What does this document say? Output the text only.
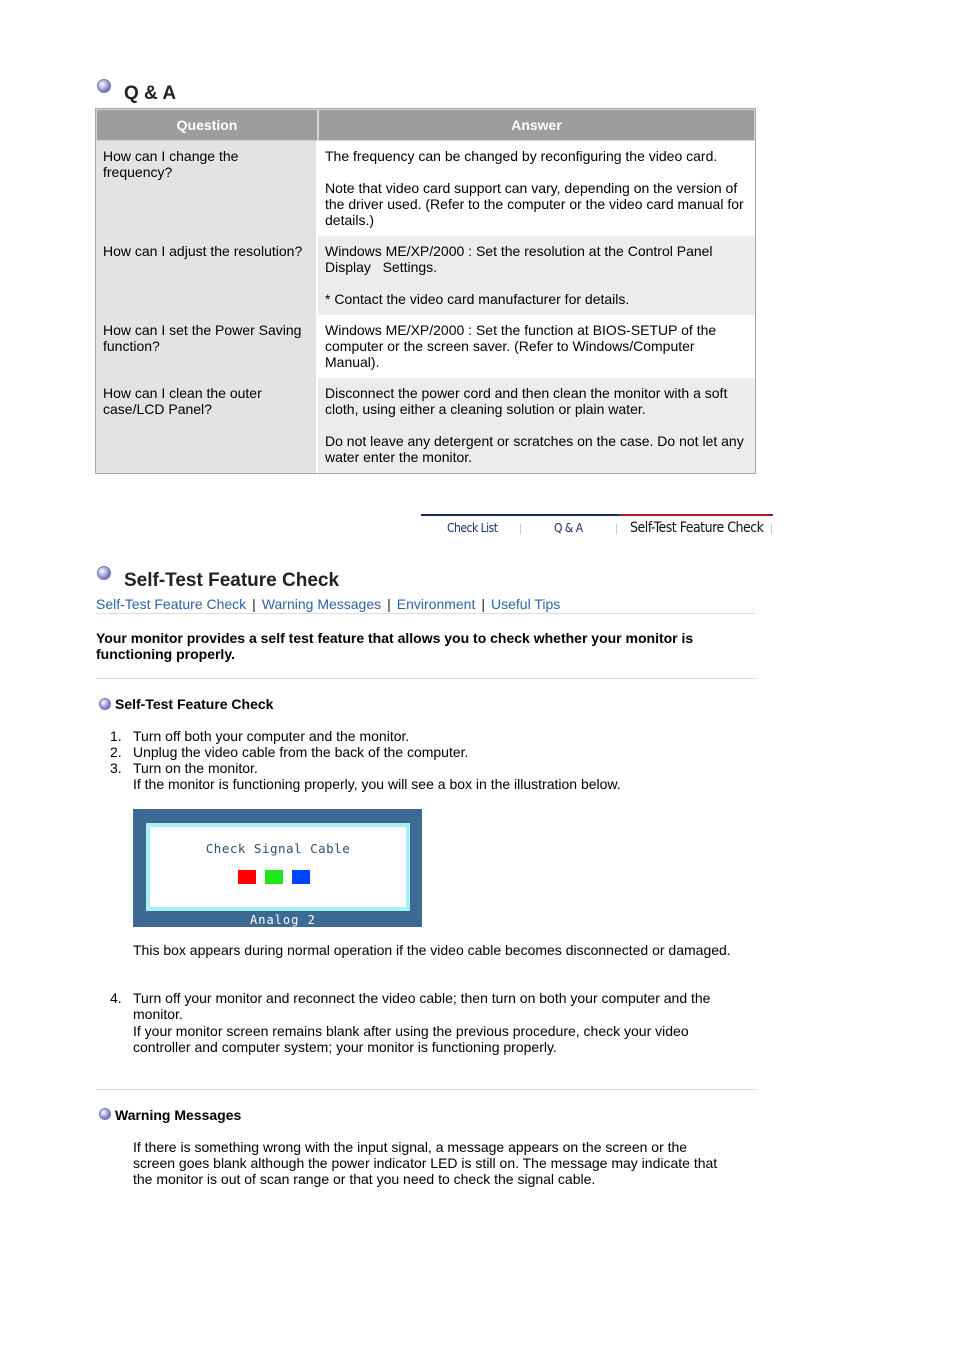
Q & A
Question	Answer
How can I change the frequency?	The frequency can be changed by reconfiguring the video card.
Note that video card support can vary, depending on the version of the driver used. (Refer to the computer or the video card manual for details.)

How can I adjust the resolution?	Windows ME/XP/2000 : Set the resolution at the Control Panel   Display   Settings.
* Contact the video card manufacturer for details.

How can I set the Power Saving function?	Windows ME/XP/2000 : Set the function at BIOS-SETUP of the computer or the screen saver. (Refer to Windows/Computer Manual).

How can I clean the outer case/LCD Panel?	Disconnect the power cord and then clean the monitor with a soft cloth, using either a cleaning solution or plain water.
Do not leave any detergent or scratches on the case. Do not let any water enter the monitor.
Check List	Q & A	Self-Test Feature Check
Self-Test Feature Check
Self-Test Feature Check | Warning Messages | Environment | Useful Tips
Your monitor provides a self test feature that allows you to check whether your monitor is functioning properly.
Self-Test Feature Check
1. Turn off both your computer and the monitor.
2. Unplug the video cable from the back of the computer.
3. Turn on the monitor.
If the monitor is functioning properly, you will see a box in the illustration below.
Check Signal Cable
Analog 2
This box appears during normal operation if the video cable becomes disconnected or damaged.
4. Turn off your monitor and reconnect the video cable; then turn on both your computer and the monitor.
If your monitor screen remains blank after using the previous procedure, check your video controller and computer system; your monitor is functioning properly.
Warning Messages
If there is something wrong with the input signal, a message appears on the screen or the screen goes blank although the power indicator LED is still on. The message may indicate that the monitor is out of scan range or that you need to check the signal cable.
